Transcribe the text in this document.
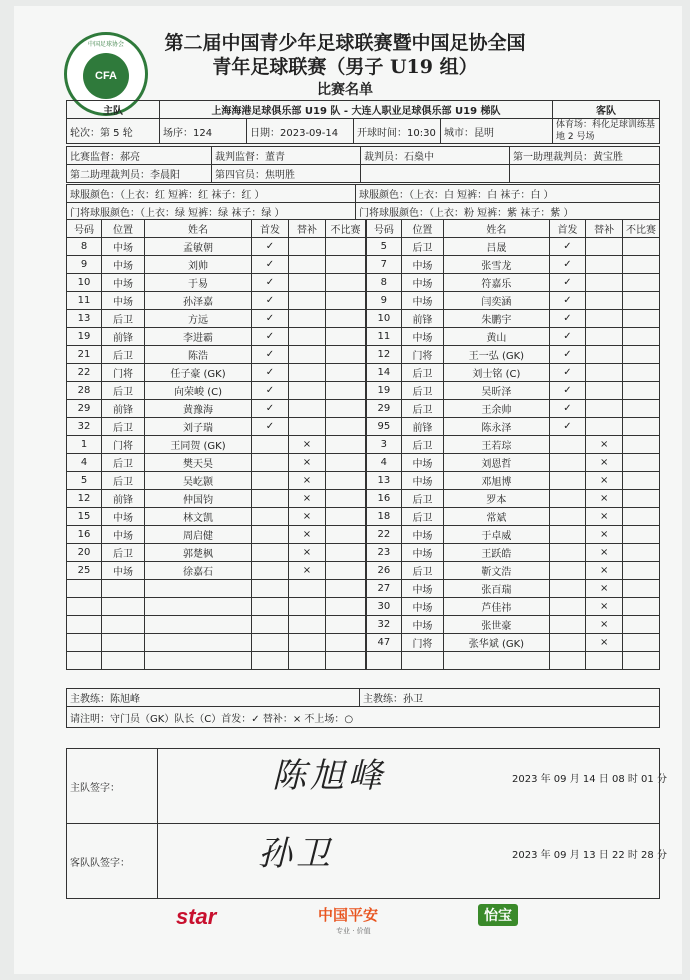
中国足球协会
CFA
第二届中国青少年足球联赛暨中国足协全国
青年足球联赛（男子 U19 组）
比赛名单
主队	上海海港足球俱乐部 U19 队 - 大连人职业足球俱乐部 U19 梯队				客队
轮次：第 5 轮	场序：124	日期：2023-09-14	开球时间：10:30	城市：昆明	体育场：科化足球训练基地 2 号场
比赛监督：郝亮	裁判监督：董青	裁判员：石燊中	第一助理裁判员：黄宝胜
第二助理裁判员：李晨阳	第四官员：焦明胜		
球服颜色：（上衣：红 短裤：红 袜子：红 ）	球服颜色：（上衣：白 短裤：白 袜子：白 ）
门将球服颜色：（上衣：绿 短裤：绿 袜子：绿 ）	门将球服颜色：（上衣：粉 短裤：紫 袜子：紫 ）
号码	位置	姓名	首发	替补	不比赛
8	中场	孟敏朝	✓		
9	中场	刘帅	✓		
10	中场	于易	✓		
11	中场	孙泽嘉	✓		
13	后卫	方远	✓		
19	前锋	李进霸	✓		
21	后卫	陈浩	✓		
22	门将	任子豪 (GK)	✓		
28	后卫	向荣峻 (C)	✓		
29	前锋	黄豫海	✓		
32	后卫	刘子瑞	✓		
1	门将	王同贺 (GK)		×	
4	后卫	樊天昊		×	
5	后卫	吴屹颢		×	
12	前锋	仲国钧		×	
15	中场	林文凯		×	
16	中场	周启健		×	
20	后卫	郭楚枫		×	
25	中场	徐嘉石		×	

号码	位置	姓名	首发	替补	不比赛
5	后卫	吕晟	✓		
7	中场	张雪龙	✓		
8	中场	符嘉乐	✓		
9	中场	闫奕涵	✓		
10	前锋	朱鹏宇	✓		
11	中场	黄山	✓		
12	门将	王一弘 (GK)	✓		
14	后卫	刘士铭 (C)	✓		
19	后卫	吴昕泽	✓		
29	后卫	王余帅	✓		
95	前锋	陈永泽	✓		
3	后卫	王若琮		×	
4	中场	刘恩哲		×	
13	中场	邓旭博		×	
16	后卫	罗本		×	
18	后卫	常斌		×	
22	中场	于卓威		×	
23	中场	王跃皓		×	
26	后卫	靳文浩		×	
27	中场	张百瑞		×	
30	中场	芦佳祎		×	
32	中场	张世豪		×	
47	门将	张华斌 (GK)		×	

主教练：陈旭峰	主教练：孙卫
请注明：守门员（GK）队长（C）首发：✓ 替补：× 不上场：○
主队签字：	
客队队签字：	
陈旭峰	2023 年 09 月 14 日 08 时 01 分
孙卫	2023 年 09 月 13 日 22 时 28 分
star	中国平安
专业 · 价值
怡宝
